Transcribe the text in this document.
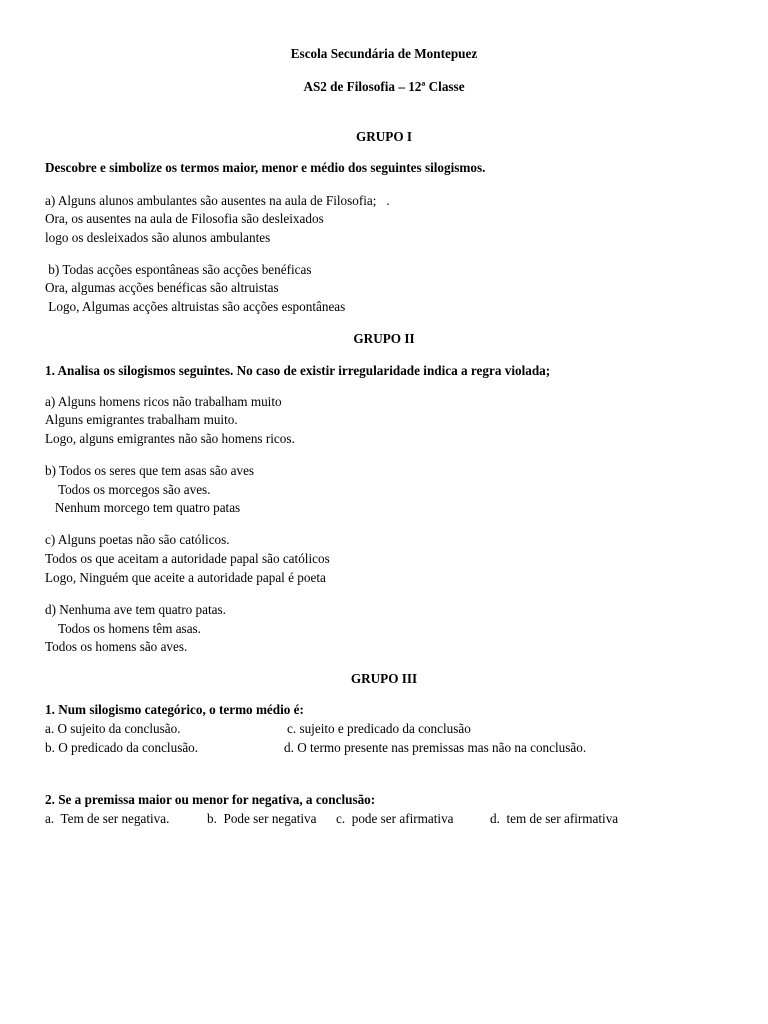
Escola Secundária de Montepuez
AS2 de Filosofia – 12ª Classe
GRUPO I
Descobre e simbolize os termos maior, menor e médio dos seguintes silogismos.
a) Alguns alunos ambulantes são ausentes na aula de Filosofia;   .
Ora, os ausentes na aula de Filosofia são desleixados
logo os desleixados são alunos ambulantes
b) Todas acções espontâneas são acções benéficas
Ora, algumas acções benéficas são altruistas
Logo, Algumas acções altruistas são acções espontâneas
GRUPO II
1. Analisa os silogismos seguintes. No caso de existir irregularidade indica a regra violada;
a) Alguns homens ricos não trabalham muito
Alguns emigrantes trabalham muito.
Logo, alguns emigrantes não são homens ricos.
b) Todos os seres que tem asas são aves
Todos os morcegos são aves.
Nenhum morcego tem quatro patas
c) Alguns poetas não são católicos.
Todos os que aceitam a autoridade papal são católicos
Logo, Ninguém que aceite a autoridade papal é poeta
d) Nenhuma ave tem quatro patas.
Todos os homens têm asas.
Todos os homens são aves.
GRUPO III
1. Num silogismo categórico, o termo médio é:
a. O sujeito da conclusão.	c. sujeito e predicado da conclusão
b. O predicado da conclusão.	d. O termo presente nas premissas mas não na conclusão.
2. Se a premissa maior ou menor for negativa, a conclusão:
a.  Tem de ser negativa.	b.  Pode ser negativa c.  pode ser afirmativa	d.  tem de ser afirmativa
